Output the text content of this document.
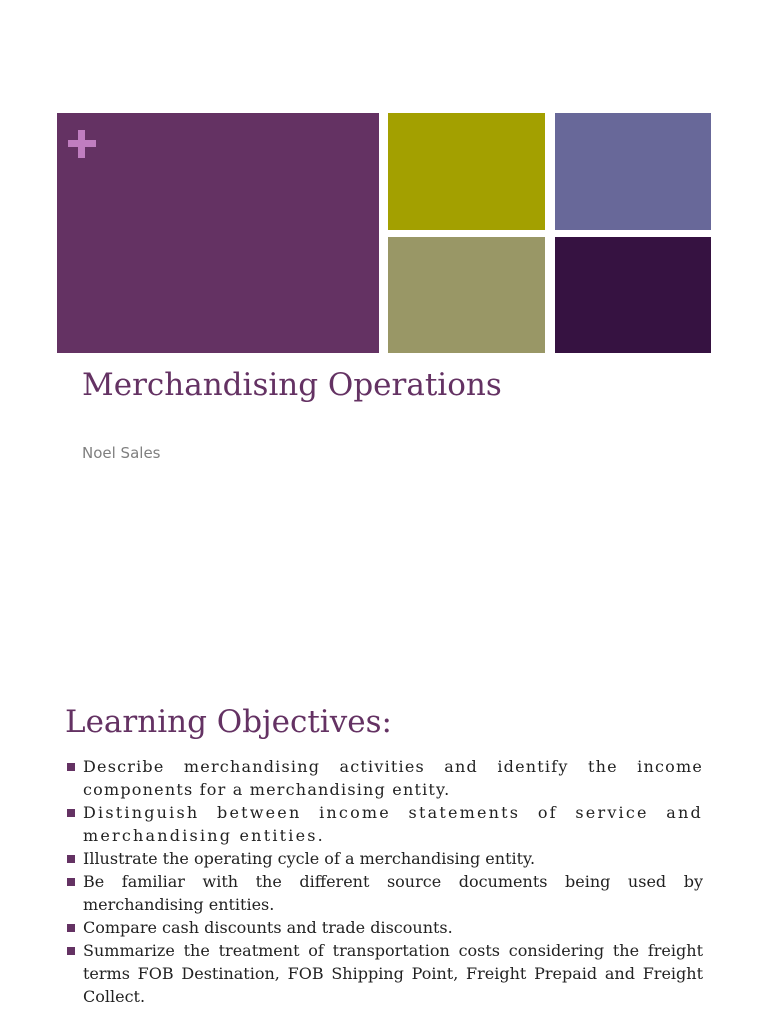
Merchandising Operations

Noel Sales

Learning Objectives:
Describe merchandising activities and identify the income components for a merchandising entity.
Distinguish between income statements of service and merchandising entities.
Illustrate the operating cycle of a merchandising entity.
Be familiar with the different source documents being used by merchandising entities.
Compare cash discounts and trade discounts.
Summarize the treatment of transportation costs considering the freight terms FOB Destination, FOB Shipping Point, Freight Prepaid and Freight Collect.
